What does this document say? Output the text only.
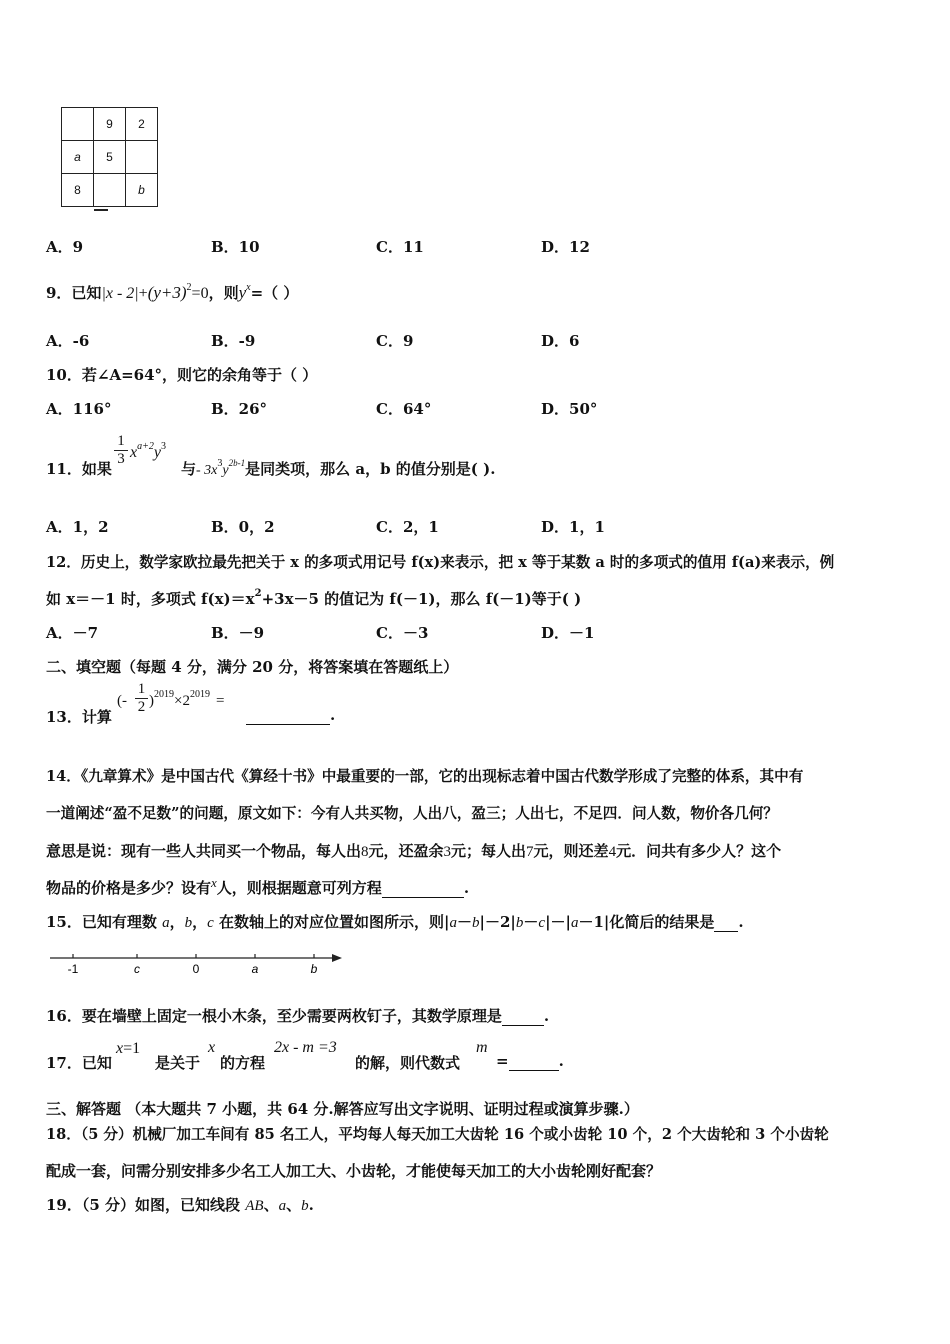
	9	2
a	5	
8		b
A．9	B．10	C．11	D．12
9．已知$|x - 2|+(y+3)^2=0$，则$y^x=$（ ）
A．-6	B．-9	C．9	D．6
10．若∠A=64°，则它的余角等于（ ）
A．116°	B．26°	C．64°	D．50°
$\frac{1}{3} x^{a+2}y^3$
11．如果	与- $3x^3y^{2b-1}$是同类项，那么 a，b 的值分别是( ).
A．1，2	B．0，2	C．2，1	D．1，1
12．历史上，数学家欧拉最先把关于 x 的多项式用记号 f(x)来表示，把 x 等于某数 a 时的多项式的值用 f(a)来表示，例
如 x＝－1 时，多项式 $f(x)=x^2+3x-5$ 的值记为 f(－1)，那么 f(－1)等于( )
A．－7	B．－9	C．－3	D．－1
二、填空题（每题 4 分，满分 20 分，将答案填在答题纸上）
13．计算
(- $\frac{1}{2} )^{2019}\times 2^{2019}$ =
.
14．《九章算术》是中国古代《算经十书》中最重要的一部，它的出现标志着中国古代数学形成了完整的体系，其中有
一道阐述“盈不足数”的问题，原文如下：今有人共买物，人出八，盈三；人出七，不足四．问人数，物价各几何？
意思是说：现有一些人共同买一个物品，每人出8元，还盈余3元；每人出7元，则还差4元．问共有多少人？这个
物品的价格是多少？设有x人，则根据题意可列方程	.
15．已知有理数 a，b，c 在数轴上的对应位置如图所示，则|a－b|－2|b－c|－|a－1|化简后的结果是 .
-1	c	0	a	b
16．要在墙壁上固定一根小木条，至少需要两枚钉子，其数学原理是	.
17．已知
x=1
是关于
x
的方程
2x - m =3
的解，则代数式
m
=	.
三、解答题 （本大题共 7 小题，共 64 分.解答应写出文字说明、证明过程或演算步骤.）
18．（5 分）机械厂加工车间有 85 名工人，平均每人每天加工大齿轮 16 个或小齿轮 10 个，2 个大齿轮和 3 个小齿轮
配成一套，问需分别安排多少名工人加工大、小齿轮，才能使每天加工的大小齿轮刚好配套？
19．（5 分）如图，已知线段 AB、a、b.
